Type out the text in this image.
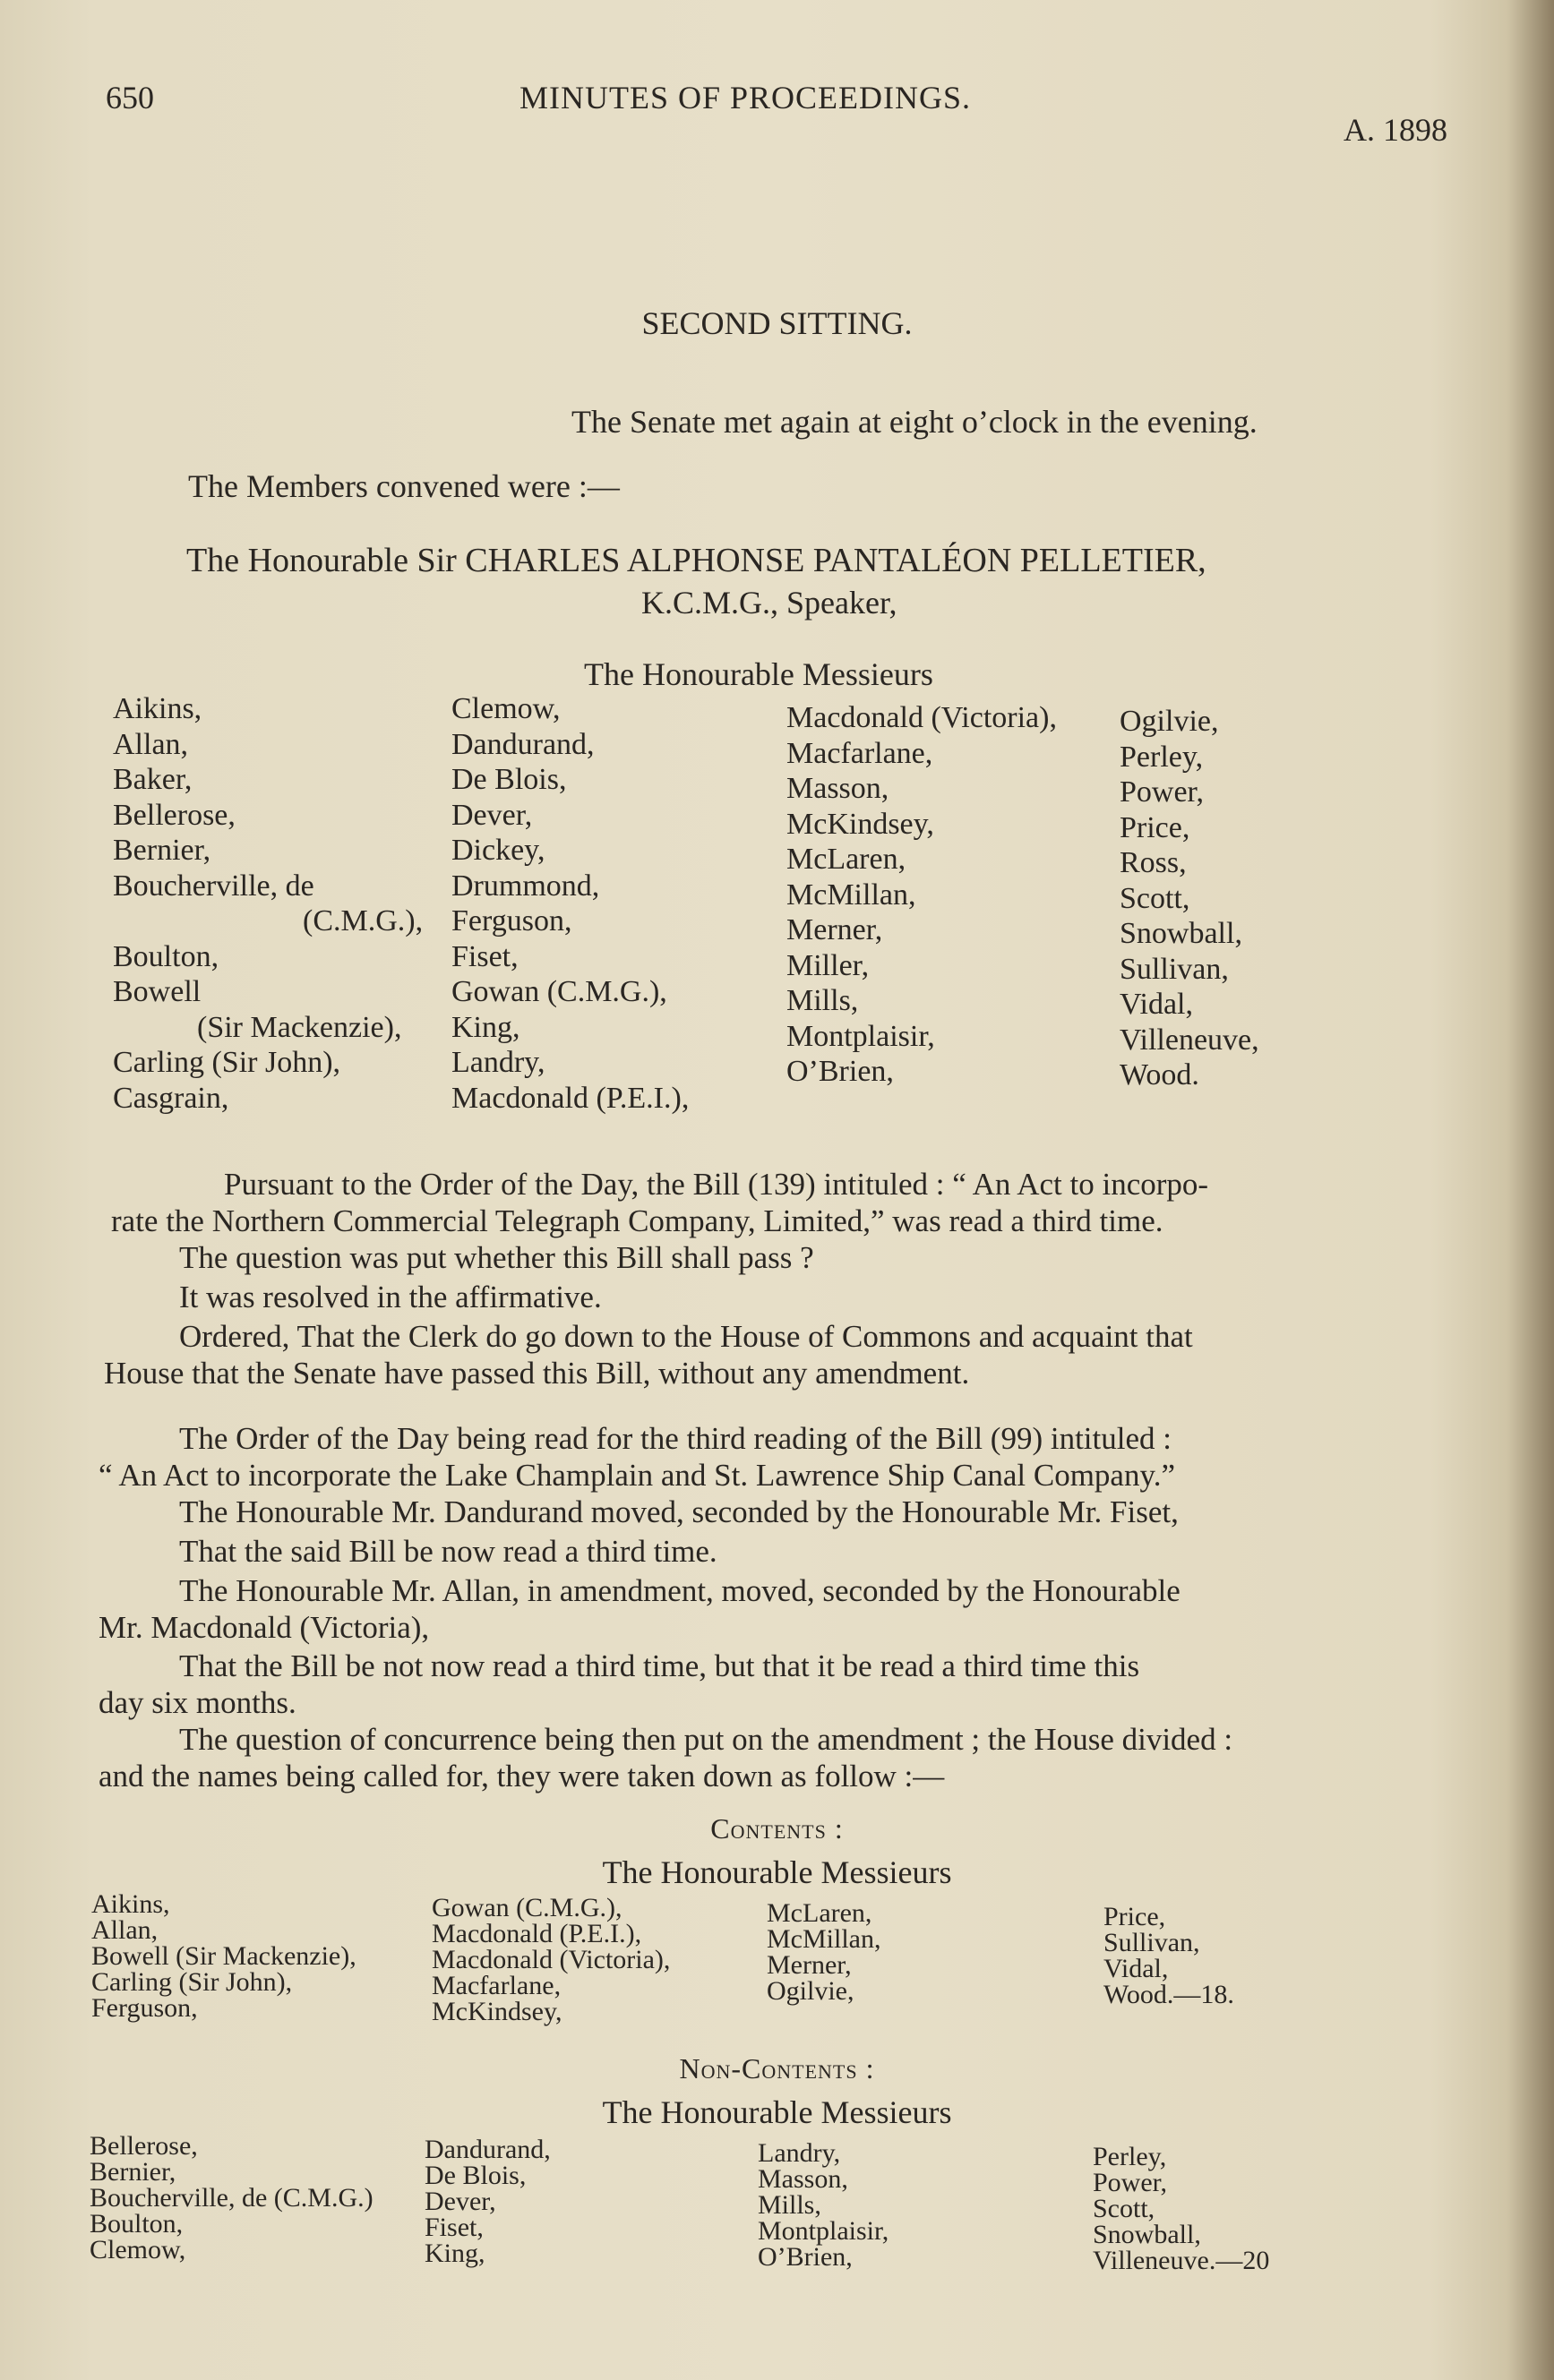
650	MINUTES OF PROCEEDINGS.
A. 1898
SECOND SITTING.
The Senate met again at eight o’clock in the evening.
The Members convened were :—
The Honourable Sir CHARLES ALPHONSE PANTALÉON PELLETIER,
K.C.M.G., Speaker,
The Honourable Messieurs
Aikins,
Allan,
Baker,
Bellerose,
Bernier,
Boucherville, de
(C.M.G.),
Boulton,
Bowell
(Sir Mackenzie),
Carling (Sir John),
Casgrain,
Clemow,
Dandurand,
De Blois,
Dever,
Dickey,
Drummond,
Ferguson,
Fiset,
Gowan (C.M.G.),
King,
Landry,
Macdonald (P.E.I.),
Macdonald (Victoria),
Macfarlane,
Masson,
McKindsey,
McLaren,
McMillan,
Merner,
Miller,
Mills,
Montplaisir,
O’Brien,
Ogilvie,
Perley,
Power,
Price,
Ross,
Scott,
Snowball,
Sullivan,
Vidal,
Villeneuve,
Wood.
Pursuant to the Order of the Day, the Bill (139) intituled : “ An Act to incorpo-
rate the Northern Commercial Telegraph Company, Limited,” was read a third time.
The question was put whether this Bill shall pass ?
It was resolved in the affirmative.
Ordered, That the Clerk do go down to the House of Commons and acquaint that
House that the Senate have passed this Bill, without any amendment.
The Order of the Day being read for the third reading of the Bill (99) intituled :
“ An Act to incorporate the Lake Champlain and St. Lawrence Ship Canal Company.”
The Honourable Mr. Dandurand moved, seconded by the Honourable Mr. Fiset,
That the said Bill be now read a third time.
The Honourable Mr. Allan, in amendment, moved, seconded by the Honourable
Mr. Macdonald (Victoria),
That the Bill be not now read a third time, but that it be read a third time this
day six months.
The question of concurrence being then put on the amendment ; the House divided :
and the names being called for, they were taken down as follow :—
Contents :
The Honourable Messieurs
Aikins,
Allan,
Bowell (Sir Mackenzie),
Carling (Sir John),
Ferguson,
Gowan (C.M.G.),
Macdonald (P.E.I.),
Macdonald (Victoria),
Macfarlane,
McKindsey,
McLaren,
McMillan,
Merner,
Ogilvie,
Price,
Sullivan,
Vidal,
Wood.—18.
Non-Contents :
The Honourable Messieurs
Bellerose,
Bernier,
Boucherville, de (C.M.G.)
Boulton,
Clemow,
Dandurand,
De Blois,
Dever,
Fiset,
King,
Landry,
Masson,
Mills,
Montplaisir,
O’Brien,
Perley,
Power,
Scott,
Snowball,
Villeneuve.—20
